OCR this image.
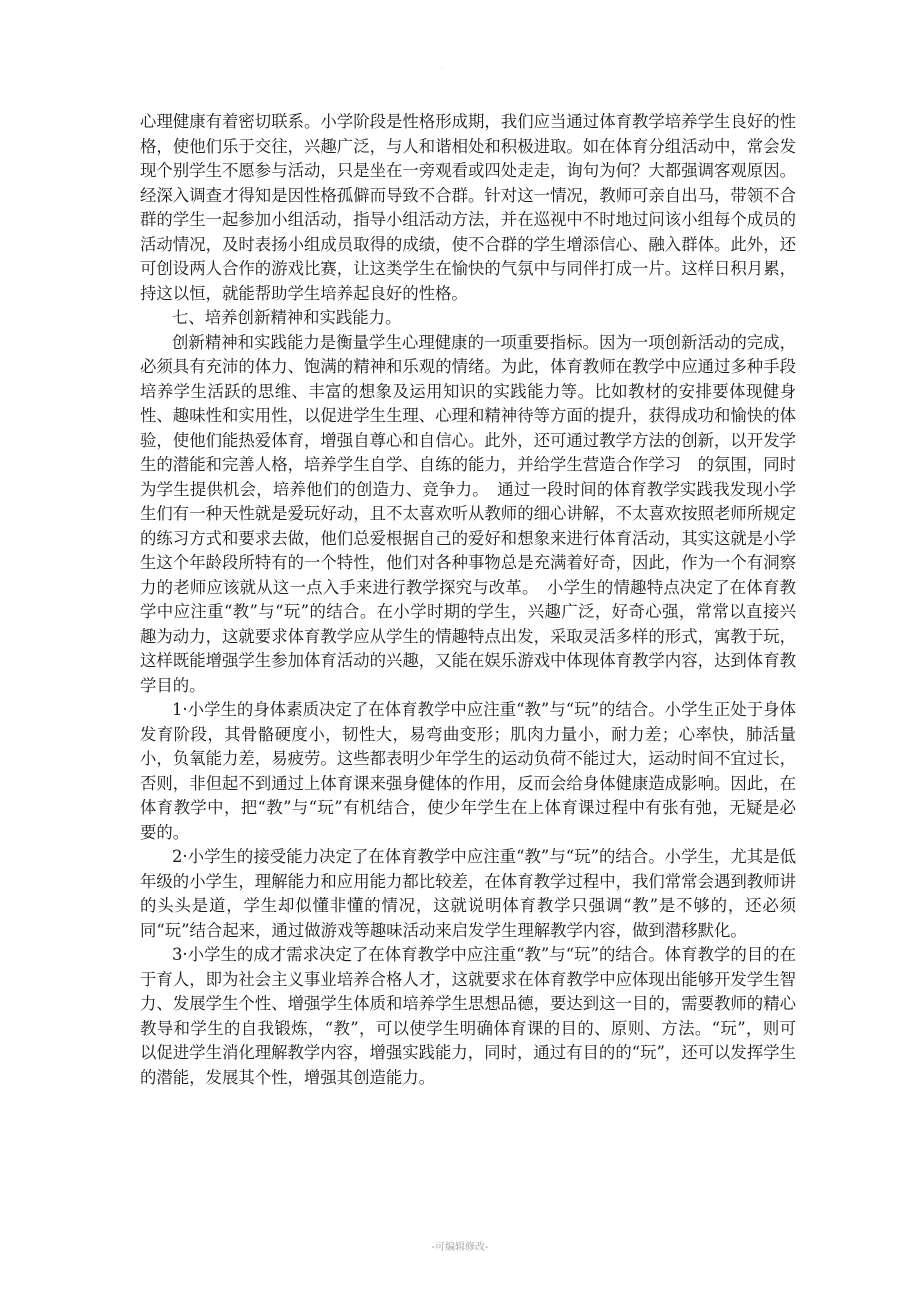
·

心理健康有着密切联系。小学阶段是性格形成期，我们应当通过体育教学培养学生良好的性格，使他们乐于交往，兴趣广泛，与人和谐相处和积极进取。如在体育分组活动中，常会发现个别学生不愿参与活动，只是坐在一旁观看或四处走走，询句为何？大都强调客观原因。经深入调查才得知是因性格孤僻而导致不合群。针对这一情况，教师可亲自出马，带领不合群的学生一起参加小组活动，指导小组活动方法，并在巡视中不时地过问该小组每个成员的活动情况，及时表扬小组成员取得的成绩，使不合群的学生增添信心、融入群体。此外，还可创设两人合作的游戏比赛，让这类学生在愉快的气氛中与同伴打成一片。这样日积月累，持这以恒，就能帮助学生培养起良好的性格。

七、培养创新精神和实践能力。

创新精神和实践能力是衡量学生心理健康的一项重要指标。因为一项创新活动的完成，必须具有充沛的体力、饱满的精神和乐观的情绪。为此，体育教师在教学中应通过多种手段培养学生活跃的思维、丰富的想象及运用知识的实践能力等。比如教材的安排要体现健身性、趣味性和实用性，以促进学生生理、心理和精神待等方面的提升，获得成功和愉快的体验，使他们能热爱体育，增强自尊心和自信心。此外，还可通过教学方法的创新，以开发学生的潜能和完善人格，培养学生自学、自练的能力，并给学生营造合作学习　的氛围，同时为学生提供机会，培养他们的创造力、竞争力。　通过一段时间的体育教学实践我发现小学生们有一种天性就是爱玩好动，且不太喜欢听从教师的细心讲解，不太喜欢按照老师所规定的练习方式和要求去做，他们总爱根据自己的爱好和想象来进行体育活动，其实这就是小学生这个年龄段所特有的一个特性，他们对各种事物总是充满着好奇，因此，作为一个有洞察力的老师应该就从这一点入手来进行教学探究与改革。　小学生的情趣特点决定了在体育教学中应注重“教”与“玩”的结合。在小学时期的学生，兴趣广泛，好奇心强，常常以直接兴趣为动力，这就要求体育教学应从学生的情趣特点出发，采取灵活多样的形式，寓教于玩，这样既能增强学生参加体育活动的兴趣，又能在娱乐游戏中体现体育教学内容，达到体育教学目的。

1·小学生的身体素质决定了在体育教学中应注重“教”与“玩”的结合。小学生正处于身体发育阶段，其骨骼硬度小，韧性大，易弯曲变形；肌肉力量小，耐力差；心率快，肺活量小，负氧能力差，易疲劳。这些都表明少年学生的运动负荷不能过大，运动时间不宜过长，否则，非但起不到通过上体育课来强身健体的作用，反而会给身体健康造成影响。因此，在体育教学中，把“教”与“玩”有机结合，使少年学生在上体育课过程中有张有弛，无疑是必要的。

2·小学生的接受能力决定了在体育教学中应注重“教”与“玩”的结合。小学生，尤其是低年级的小学生，理解能力和应用能力都比较差，在体育教学过程中，我们常常会遇到教师讲的头头是道，学生却似懂非懂的情况，这就说明体育教学只强调“教”是不够的，还必须同“玩”结合起来，通过做游戏等趣味活动来启发学生理解教学内容，做到潜移默化。

3·小学生的成才需求决定了在体育教学中应注重“教”与“玩”的结合。体育教学的目的在于育人，即为社会主义事业培养合格人才，这就要求在体育教学中应体现出能够开发学生智力、发展学生个性、增强学生体质和培养学生思想品德，要达到这一目的，需要教师的精心教导和学生的自我锻炼，“教”，可以使学生明确体育课的目的、原则、方法。“玩”，则可以促进学生消化理解教学内容，增强实践能力，同时，通过有目的的“玩”，还可以发挥学生的潜能，发展其个性，增强其创造能力。

-可编辑修改-
